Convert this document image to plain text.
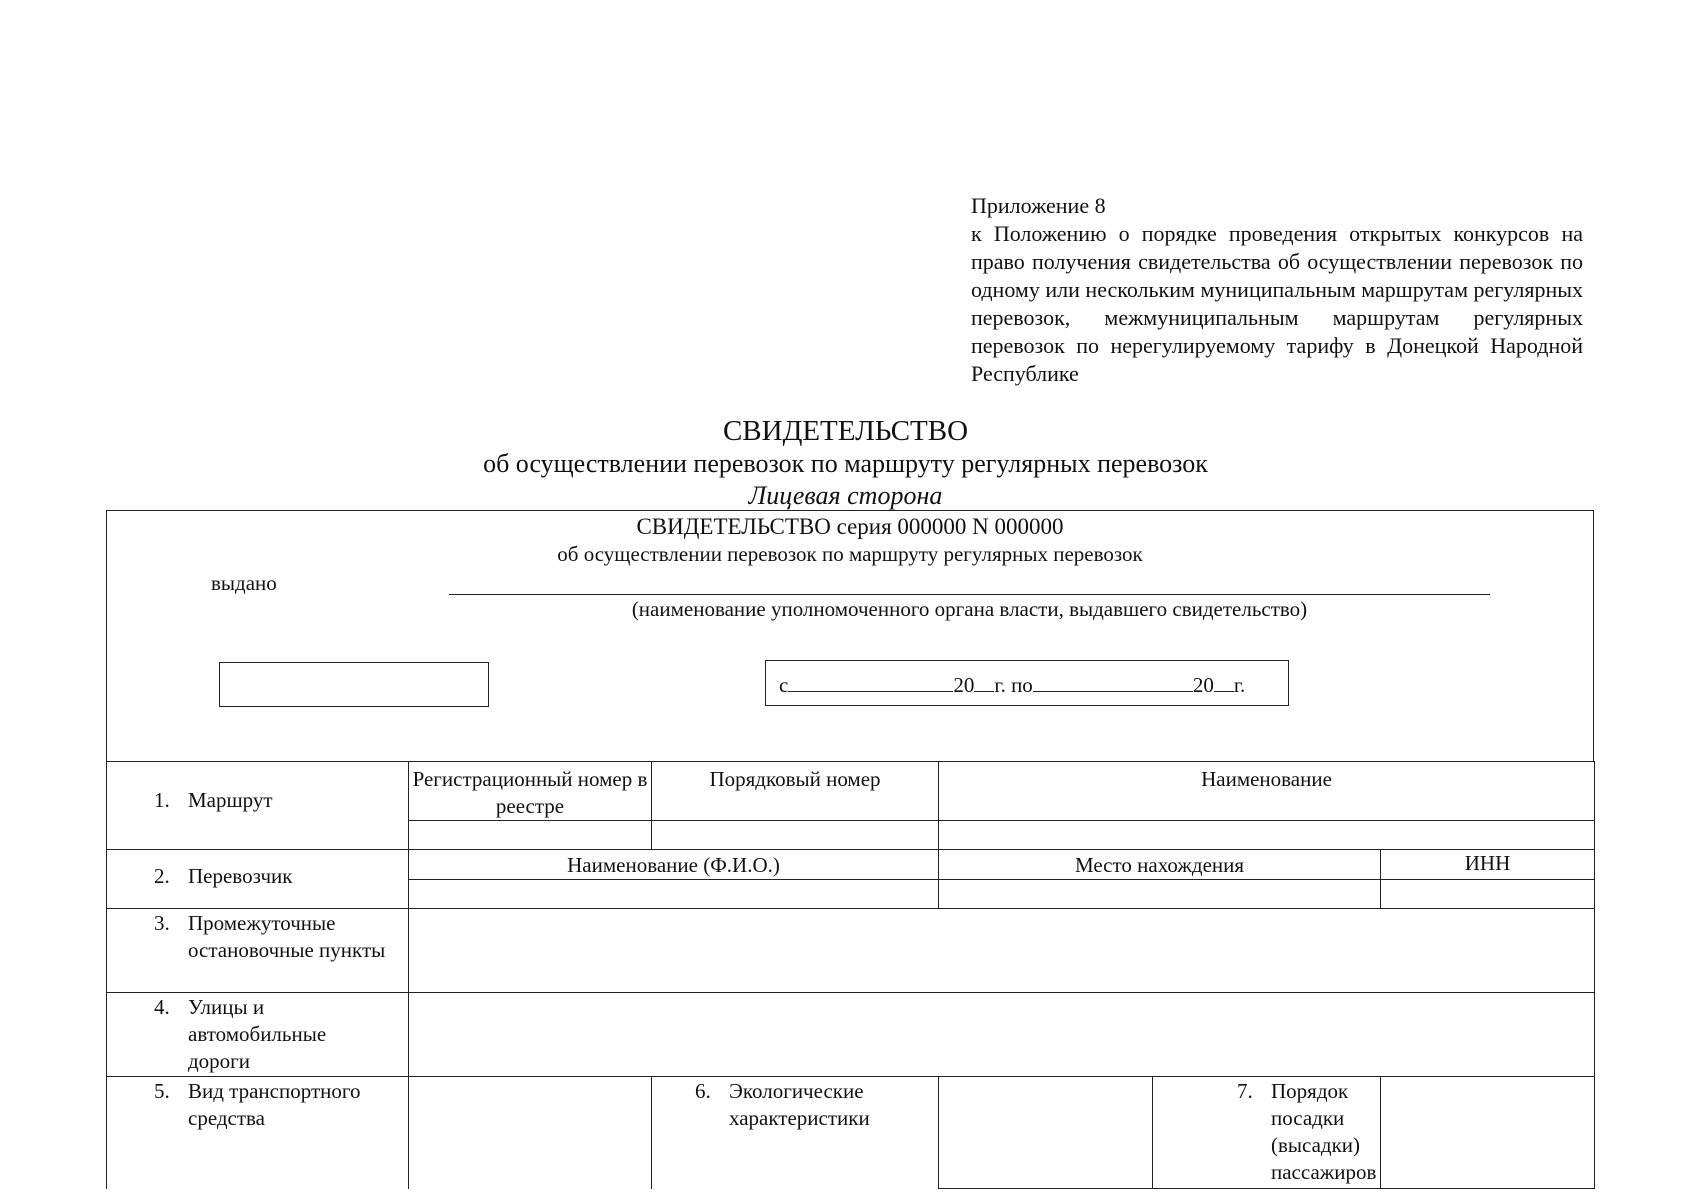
Приложение 8
к Положению о порядке проведения открытых конкурсов на право получения свидетельства об осуществлении перевозок по одному или нескольким муниципальным маршрутам регулярных перевозок, межмуниципальным маршрутам регулярных перевозок по нерегулируемому тарифу в Донецкой Народной Республике
СВИДЕТЕЛЬСТВО
об осуществлении перевозок по маршруту регулярных перевозок
Лицевая сторона
СВИДЕТЕЛЬСТВО серия 000000 N 000000
об осуществлении перевозок по маршруту регулярных перевозок
выдано
(наименование уполномоченного органа власти, выдавшего свидетельство)
с	20 г. по	20 г.
1. Маршрут	Регистрационный номер в реестре	Порядковый номер	Наименование		

2. Перевозчик	Наименование (Ф.И.О.)		Место нахождения		ИНН

3. Промежуточные остановочные пункты					

4. Улицы и автомобильные дороги					

5. Вид транспортного средства		6. Экологические характеристики		7. Порядок посадки (высадки) пассажиров	
